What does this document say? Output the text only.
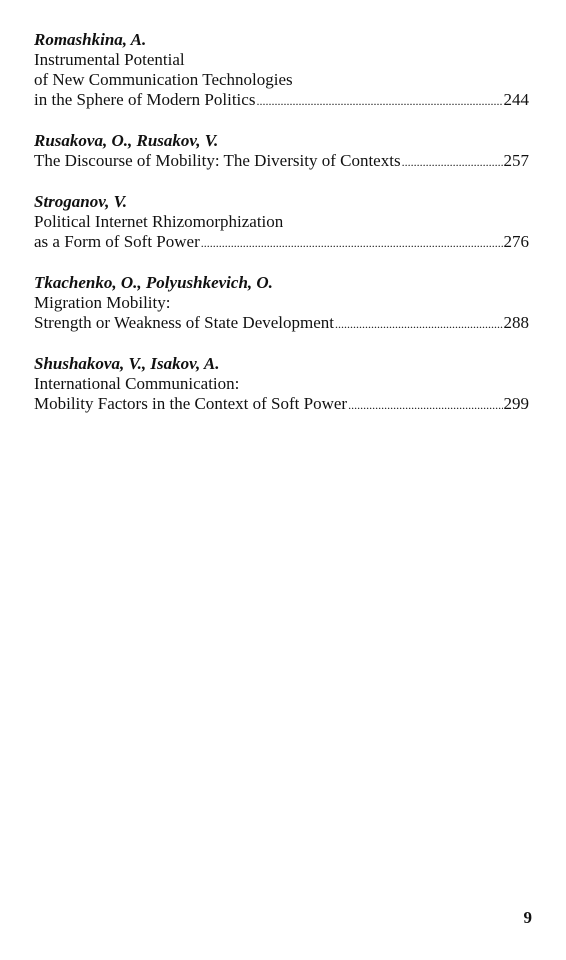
Romashkina, A.
Instrumental Potential
of New Communication Technologies
in the Sphere of Modern Politics .....	244
Rusakova, O., Rusakov, V.
The Discourse of Mobility: The Diversity of Contexts .....	257
Stroganov, V.
Political Internet Rhizomorphization
as a Form of Soft Power .....	276
Tkachenko, O., Polyushkevich, O.
Migration Mobility:
Strength or Weakness of State Development .....	288
Shushakova, V., Isakov, A.
International Communication:
Mobility Factors in the Context of Soft Power .....	299
9
